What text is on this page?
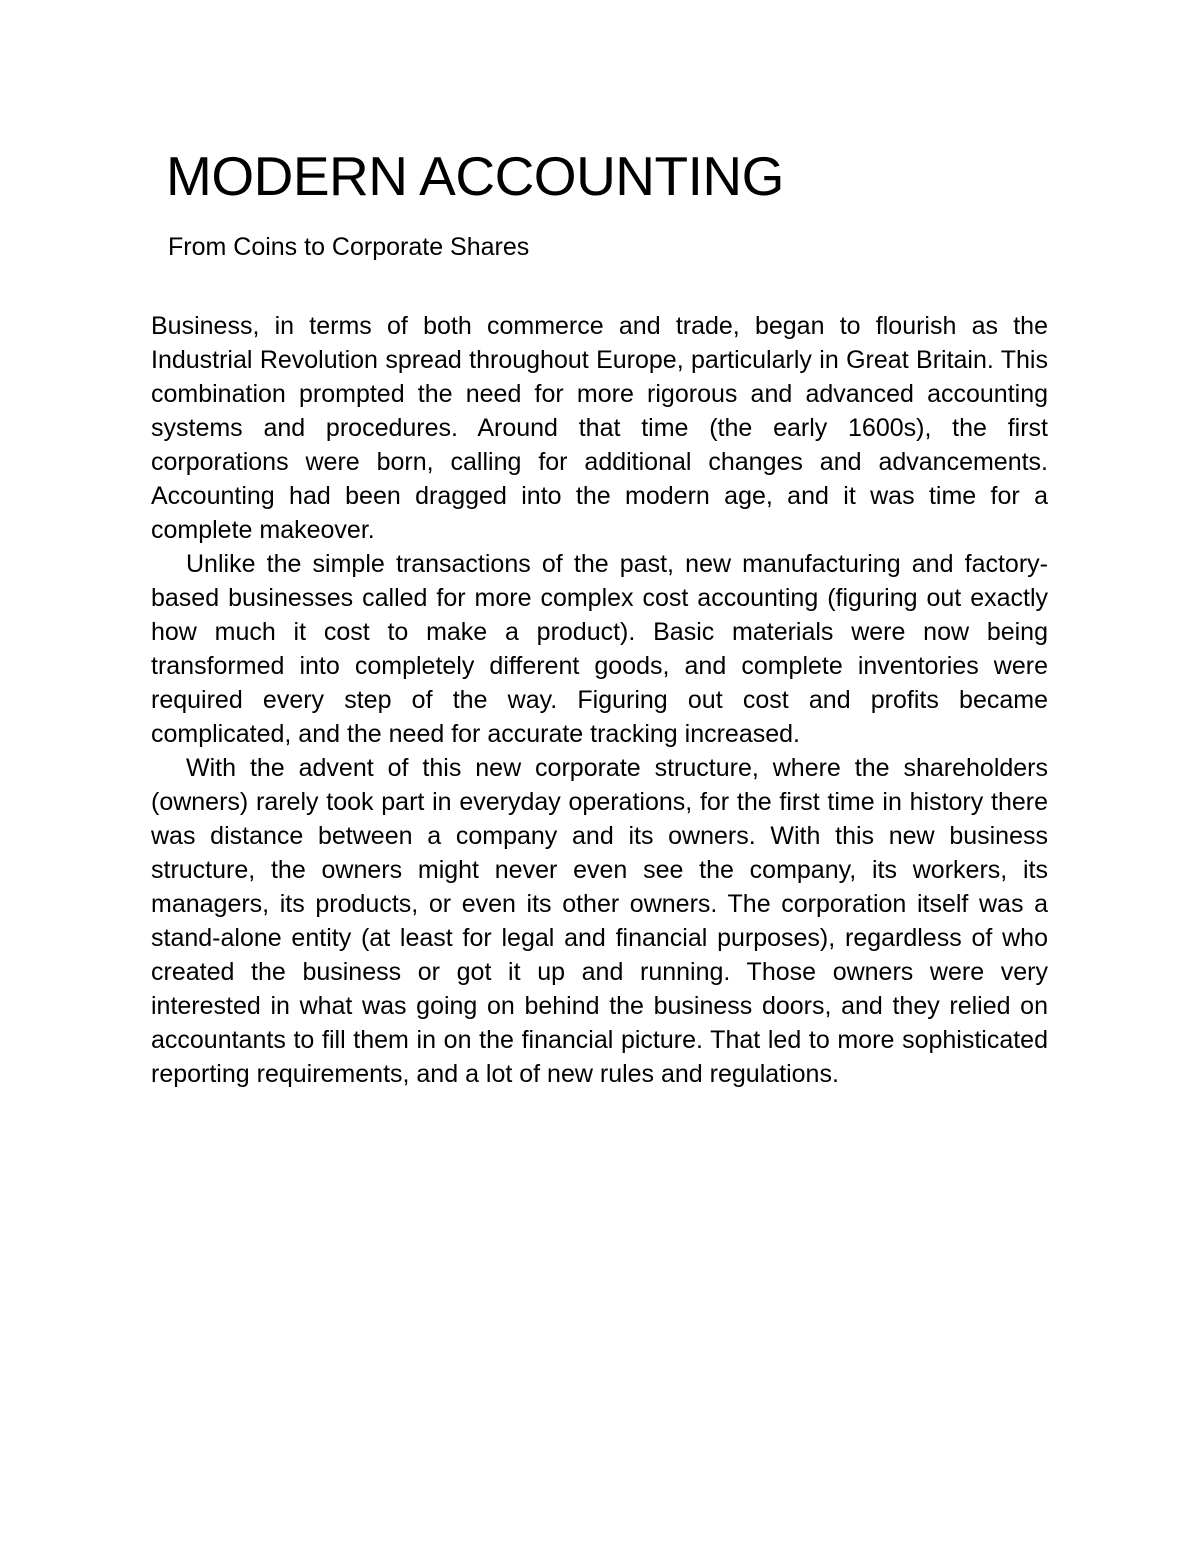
MODERN ACCOUNTING
From Coins to Corporate Shares

Business, in terms of both commerce and trade, began to flourish as the Industrial Revolution spread throughout Europe, particularly in Great Britain. This combination prompted the need for more rigorous and advanced accounting systems and procedures. Around that time (the early 1600s), the first corporations were born, calling for additional changes and advancements. Accounting had been dragged into the modern age, and it was time for a complete makeover.

Unlike the simple transactions of the past, new manufacturing and factory-based businesses called for more complex cost accounting (figuring out exactly how much it cost to make a product). Basic materials were now being transformed into completely different goods, and complete inventories were required every step of the way. Figuring out cost and profits became complicated, and the need for accurate tracking increased.

With the advent of this new corporate structure, where the shareholders (owners) rarely took part in everyday operations, for the first time in history there was distance between a company and its owners. With this new business structure, the owners might never even see the company, its workers, its managers, its products, or even its other owners. The corporation itself was a stand-alone entity (at least for legal and financial purposes), regardless of who created the business or got it up and running. Those owners were very interested in what was going on behind the business doors, and they relied on accountants to fill them in on the financial picture. That led to more sophisticated reporting requirements, and a lot of new rules and regulations.
